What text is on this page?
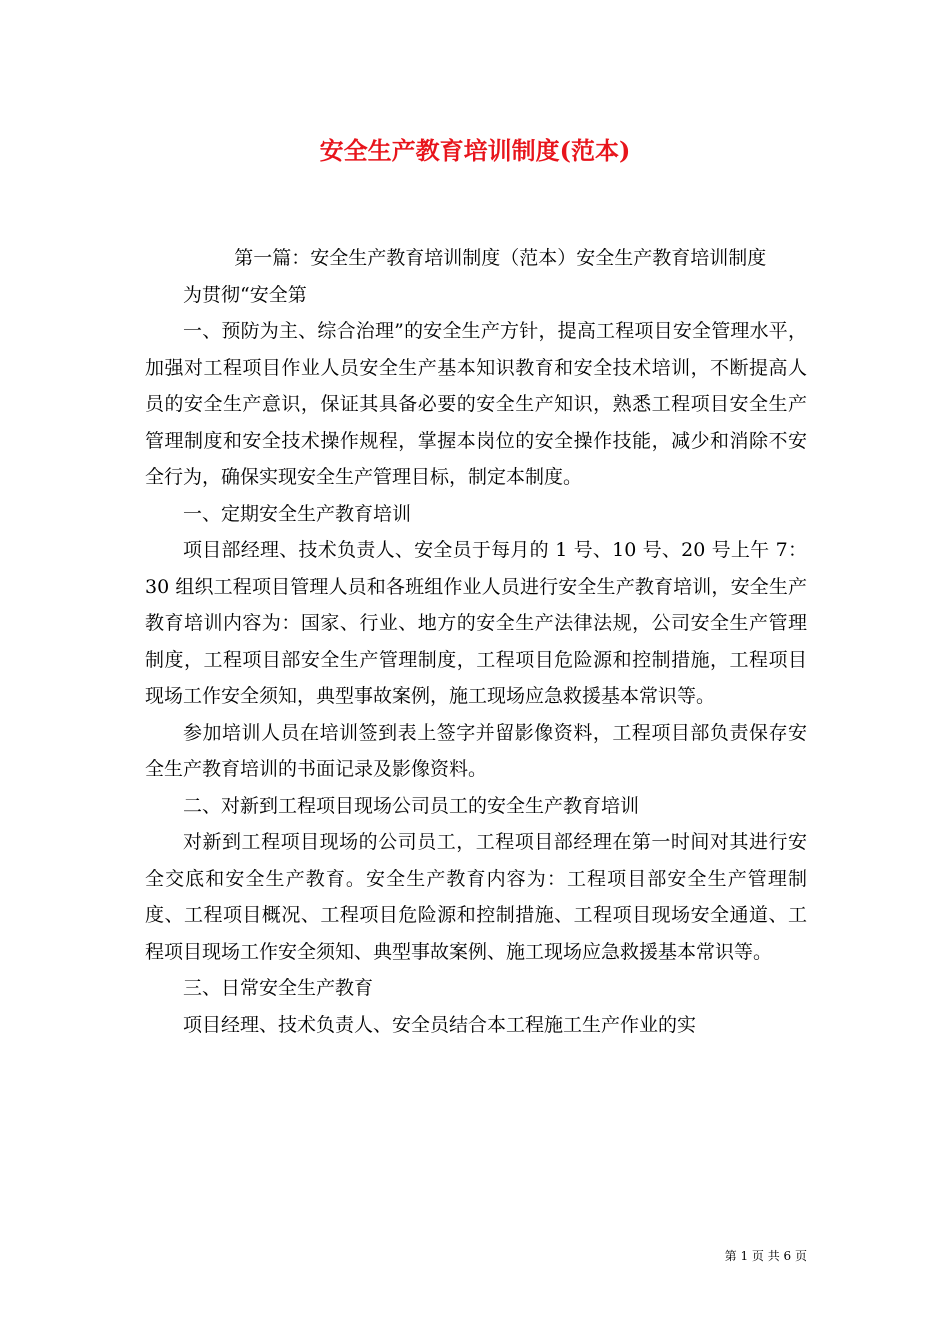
安全生产教育培训制度(范本)

第一篇：安全生产教育培训制度（范本）安全生产教育培训制度

为贯彻“安全第

一、预防为主、综合治理”的安全生产方针，提高工程项目安全管理水平，加强对工程项目作业人员安全生产基本知识教育和安全技术培训，不断提高人员的安全生产意识，保证其具备必要的安全生产知识，熟悉工程项目安全生产管理制度和安全技术操作规程，掌握本岗位的安全操作技能，减少和消除不安全行为，确保实现安全生产管理目标，制定本制度。

一、定期安全生产教育培训

项目部经理、技术负责人、安全员于每月的 1 号、10 号、20 号上午 7：30 组织工程项目管理人员和各班组作业人员进行安全生产教育培训，安全生产教育培训内容为：国家、行业、地方的安全生产法律法规，公司安全生产管理制度，工程项目部安全生产管理制度，工程项目危险源和控制措施，工程项目现场工作安全须知，典型事故案例，施工现场应急救援基本常识等。

参加培训人员在培训签到表上签字并留影像资料，工程项目部负责保存安全生产教育培训的书面记录及影像资料。

二、对新到工程项目现场公司员工的安全生产教育培训

对新到工程项目现场的公司员工，工程项目部经理在第一时间对其进行安全交底和安全生产教育。安全生产教育内容为：工程项目部安全生产管理制度、工程项目概况、工程项目危险源和控制措施、工程项目现场安全通道、工程项目现场工作安全须知、典型事故案例、施工现场应急救援基本常识等。

三、日常安全生产教育

项目经理、技术负责人、安全员结合本工程施工生产作业的实

第 1 页 共 6 页
